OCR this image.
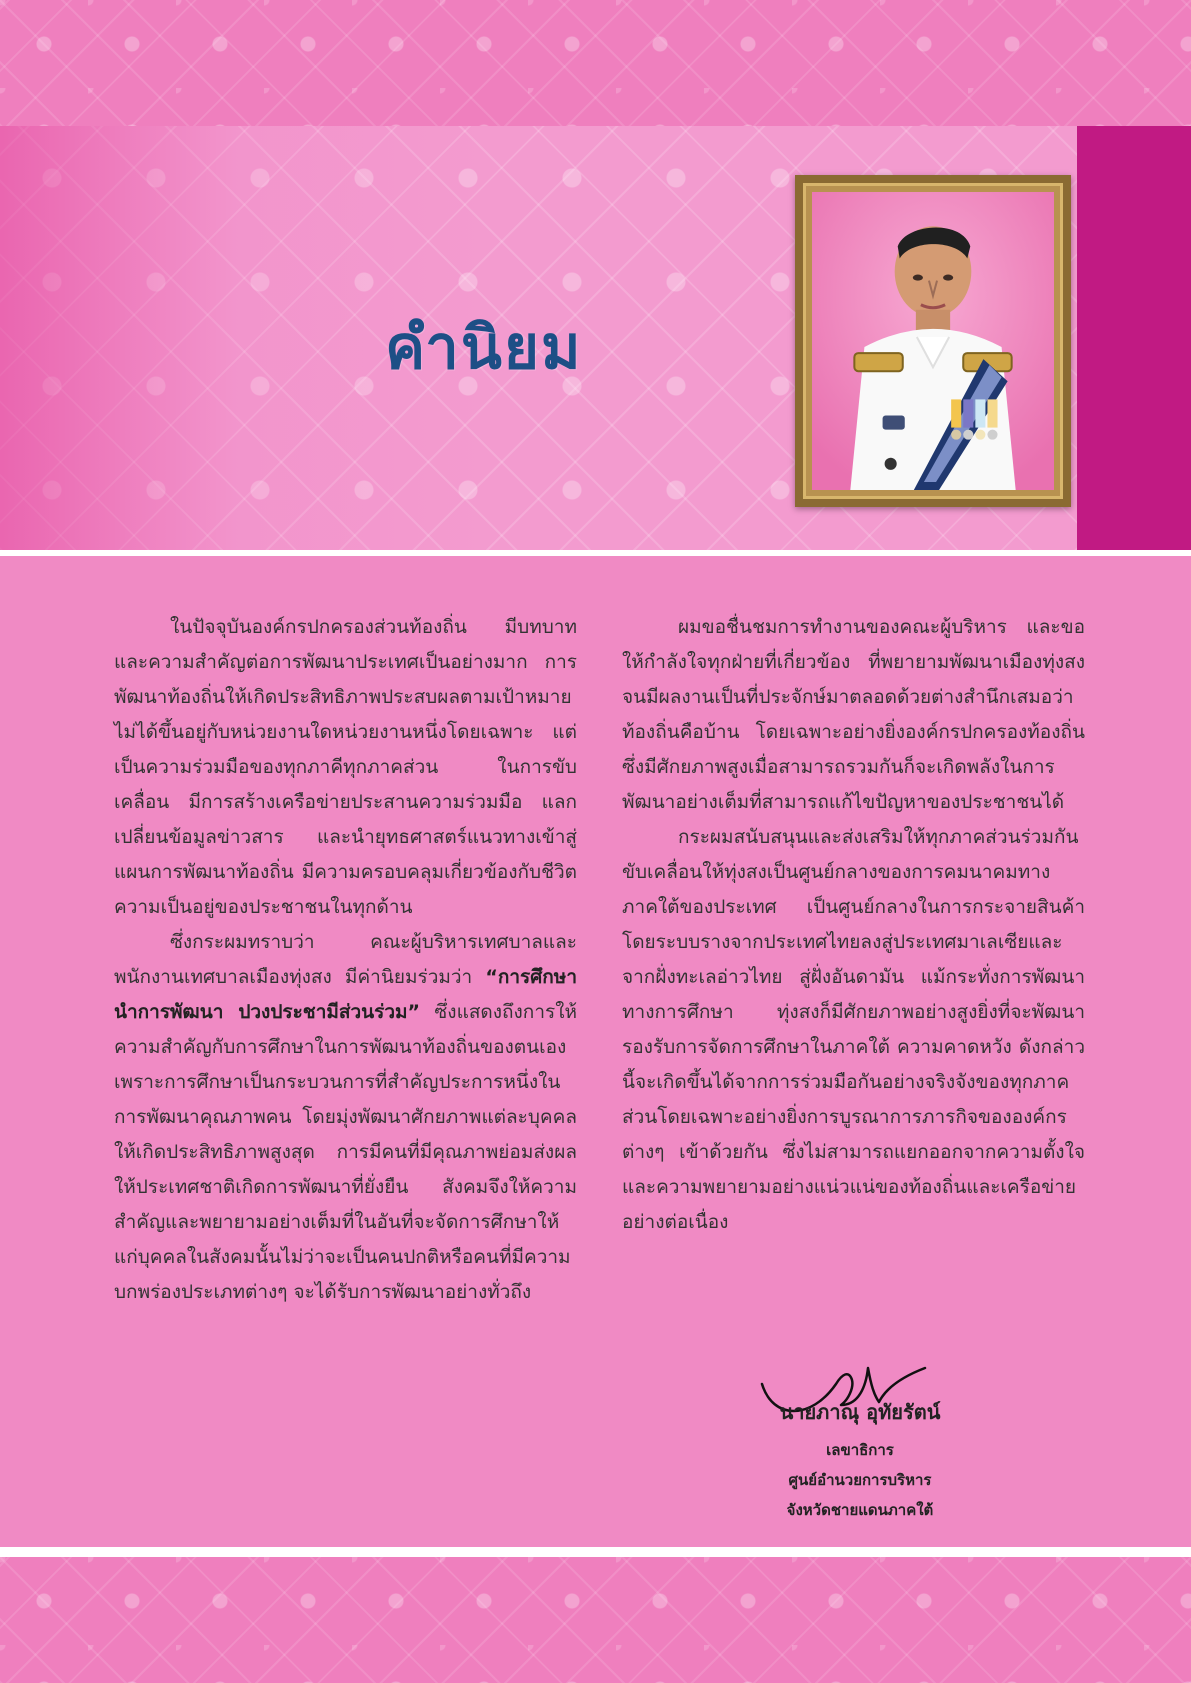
คำนิยม

ในปัจจุบันองค์กรปกครองส่วนท้องถิ่น มีบทบาทและความสำคัญต่อการพัฒนาประเทศเป็นอย่างมาก การพัฒนาท้องถิ่นให้เกิดประสิทธิภาพประสบผลตามเป้าหมายไม่ได้ขึ้นอยู่กับหน่วยงานใดหน่วยงานหนึ่งโดยเฉพาะ แต่เป็นความร่วมมือของทุกภาคีทุกภาคส่วน ในการขับเคลื่อน มีการสร้างเครือข่ายประสานความร่วมมือ แลกเปลี่ยนข้อมูลข่าวสาร และนำยุทธศาสตร์แนวทางเข้าสู่แผนการพัฒนาท้องถิ่น มีความครอบคลุมเกี่ยวข้องกับชีวิตความเป็นอยู่ของประชาชนในทุกด้าน

ซึ่งกระผมทราบว่า คณะผู้บริหารเทศบาลและพนักงานเทศบาลเมืองทุ่งสง มีค่านิยมร่วมว่า “การศึกษานำการพัฒนา ปวงประชามีส่วนร่วม” ซึ่งแสดงถึงการให้ความสำคัญกับการศึกษาในการพัฒนาท้องถิ่นของตนเอง เพราะการศึกษาเป็นกระบวนการที่สำคัญประการหนึ่งในการพัฒนาคุณภาพคน โดยมุ่งพัฒนาศักยภาพแต่ละบุคคลให้เกิดประสิทธิภาพสูงสุด การมีคนที่มีคุณภาพย่อมส่งผลให้ประเทศชาติเกิดการพัฒนาที่ยั่งยืน สังคมจึงให้ความสำคัญและพยายามอย่างเต็มที่ในอันที่จะจัดการศึกษาให้แก่บุคคลในสังคมนั้นไม่ว่าจะเป็นคนปกติหรือคนที่มีความบกพร่องประเภทต่างๆ จะได้รับการพัฒนาอย่างทั่วถึง

ผมขอชื่นชมการทำงานของคณะผู้บริหาร และขอให้กำลังใจทุกฝ่ายที่เกี่ยวข้อง ที่พยายามพัฒนาเมืองทุ่งสงจนมีผลงานเป็นที่ประจักษ์มาตลอดด้วยต่างสำนึกเสมอว่าท้องถิ่นคือบ้าน โดยเฉพาะอย่างยิ่งองค์กรปกครองท้องถิ่นซึ่งมีศักยภาพสูงเมื่อสามารถรวมกันก็จะเกิดพลังในการพัฒนาอย่างเต็มที่สามารถแก้ไขปัญหาของประชาชนได้

กระผมสนับสนุนและส่งเสริมให้ทุกภาคส่วนร่วมกันขับเคลื่อนให้ทุ่งสงเป็นศูนย์กลางของการคมนาคมทางภาคใต้ของประเทศ เป็นศูนย์กลางในการกระจายสินค้า โดยระบบรางจากประเทศไทยลงสู่ประเทศมาเลเซียและจากฝั่งทะเลอ่าวไทย สู่ฝั่งอันดามัน แม้กระทั่งการพัฒนาทางการศึกษา ทุ่งสงก็มีศักยภาพอย่างสูงยิ่งที่จะพัฒนารองรับการจัดการศึกษาในภาคใต้ ความคาดหวัง ดังกล่าวนี้จะเกิดขึ้นได้จากการร่วมมือกันอย่างจริงจังของทุกภาคส่วนโดยเฉพาะอย่างยิ่งการบูรณาการภารกิจขององค์กรต่างๆ เข้าด้วยกัน ซึ่งไม่สามารถแยกออกจากความตั้งใจและความพยายามอย่างแน่วแน่ของท้องถิ่นและเครือข่ายอย่างต่อเนื่อง

นายภาณุ อุทัยรัตน์
เลขาธิการ
ศูนย์อำนวยการบริหาร
จังหวัดชายแดนภาคใต้
